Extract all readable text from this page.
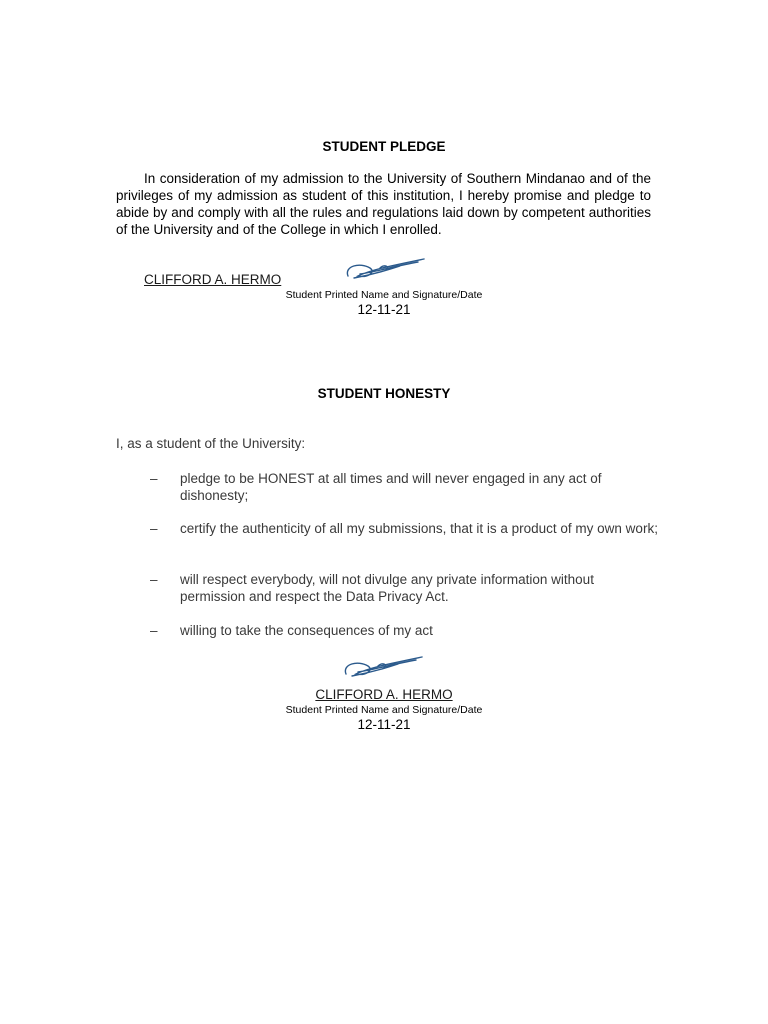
STUDENT PLEDGE
In consideration of my admission to the University of Southern Mindanao and of the privileges of my admission as student of this institution, I hereby promise and pledge to abide by and comply with all the rules and regulations laid down by competent authorities of the University and of the College in which I enrolled.
CLIFFORD A. HERMO
Student Printed Name and Signature/Date
12-11-21
STUDENT HONESTY
I, as a student of the University:
–	pledge to be HONEST at all times and will never engaged in any act of dishonesty;
–	certify the authenticity of all my submissions, that it is a product of my own work;
–	will respect everybody, will not divulge any private information without permission and respect the Data Privacy Act.
–	willing to take the consequences of my act
CLIFFORD A. HERMO
Student Printed Name and Signature/Date
12-11-21
